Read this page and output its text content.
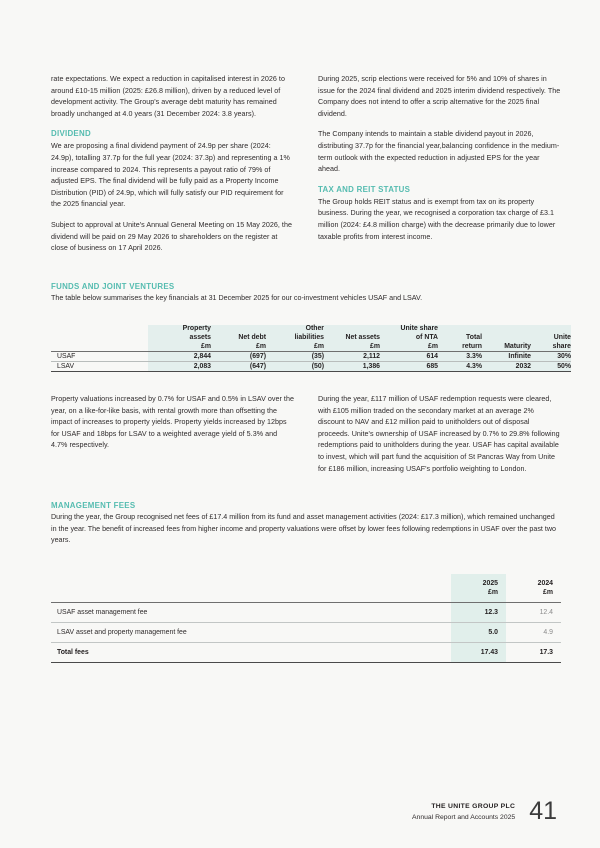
rate expectations. We expect a reduction in capitalised interest in 2026 to around £10-15 million (2025: £26.8 million), driven by a reduced level of development activity. The Group's average debt maturity has remained broadly unchanged at 4.0 years (31 December 2024: 3.8 years).

DIVIDEND

We are proposing a final dividend payment of 24.9p per share (2024: 24.9p), totalling 37.7p for the full year (2024: 37.3p) and representing a 1% increase compared to 2024. This represents a payout ratio of 79% of adjusted EPS. The final dividend will be fully paid as a Property Income Distribution (PID) of 24.9p, which will fully satisfy our PID requirement for the 2025 financial year.

Subject to approval at Unite's Annual General Meeting on 15 May 2026, the dividend will be paid on 29 May 2026 to shareholders on the register at close of business on 17 April 2026.

During 2025, scrip elections were received for 5% and 10% of shares in issue for the 2024 final dividend and 2025 interim dividend respectively. The Company does not intend to offer a scrip alternative for the 2025 final dividend.

The Company intends to maintain a stable dividend payout in 2026, distributing 37.7p for the financial year,balancing confidence in the medium-term outlook with the expected reduction in adjusted EPS for the year ahead.

TAX AND REIT STATUS

The Group holds REIT status and is exempt from tax on its property business. During the year, we recognised a corporation tax charge of £3.1 million (2024: £4.8 million charge) with the decrease primarily due to lower taxable profits from interest income.

FUNDS AND JOINT VENTURES

The table below summarises the key financials at 31 December 2025 for our co-investment vehicles USAF and LSAV.

	Property
assets
£m	Net debt
£m	Other
liabilities
£m	Net assets
£m	Unite share
of NTA
£m	Total
return	Maturity	Unite
share
USAF	2,844	(697)	(35)	2,112	614	3.3%	Infinite	30%
LSAV	2,083	(647)	(50)	1,386	685	4.3%	2032	50%

Property valuations increased by 0.7% for USAF and 0.5% in LSAV over the year, on a like-for-like basis, with rental growth more than offsetting the impact of increases to property yields. Property yields increased by 12bps for USAF and 18bps for LSAV to a weighted average yield of 5.3% and 4.7% respectively.

During the year, £117 million of USAF redemption requests were cleared, with £105 million traded on the secondary market at an average 2% discount to NAV and £12 million paid to unitholders out of disposal proceeds. Unite's ownership of USAF increased by 0.7% to 29.8% following redemptions paid to unitholders during the year. USAF has capital available to invest, which will part fund the acquisition of St Pancras Way from Unite for £186 million, increasing USAF's portfolio weighting to London.

MANAGEMENT FEES

During the year, the Group recognised net fees of £17.4 million from its fund and asset management activities (2024: £17.3 million), which remained unchanged in the year. The benefit of increased fees from higher income and property valuations were offset by lower fees following redemptions in USAF over the past two years.

	2025
£m	2024
£m
USAF asset management fee	12.3	12.4
LSAV asset and property management fee	5.0	4.9
Total fees	17.43	17.3
THE UNITE GROUP PLC
Annual Report and Accounts 2025 41
